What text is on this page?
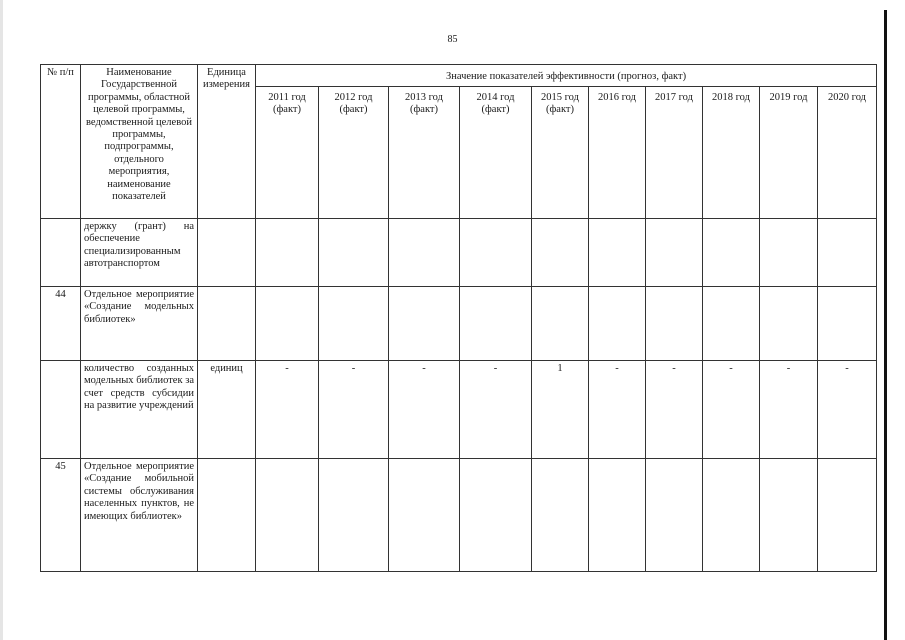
85
№ п/п	Наименование Государственной программы, областной целевой программы, ведомственной целевой программы, подпрограммы, отдельного мероприятия, наименование показателей	Единица измерения	Значение показателей эффективности (прогноз, факт)									
			2011 год (факт)	2012 год (факт)	2013 год (факт)	2014 год (факт)	2015 год (факт)	2016 год	2017 год	2018 год	2019 год	2020 год
	держку (грант) на обеспечение специализированным автотранспортом											
44	Отдельное мероприятие «Создание модельных библиотек»											
	количество созданных модельных библиотек за счет средств субсидии на развитие учреждений	единиц	-	-	-	-	1	-	-	-	-	-
45	Отдельное мероприятие «Создание мобильной системы обслуживания населенных пунктов, не имеющих библиотек»											
